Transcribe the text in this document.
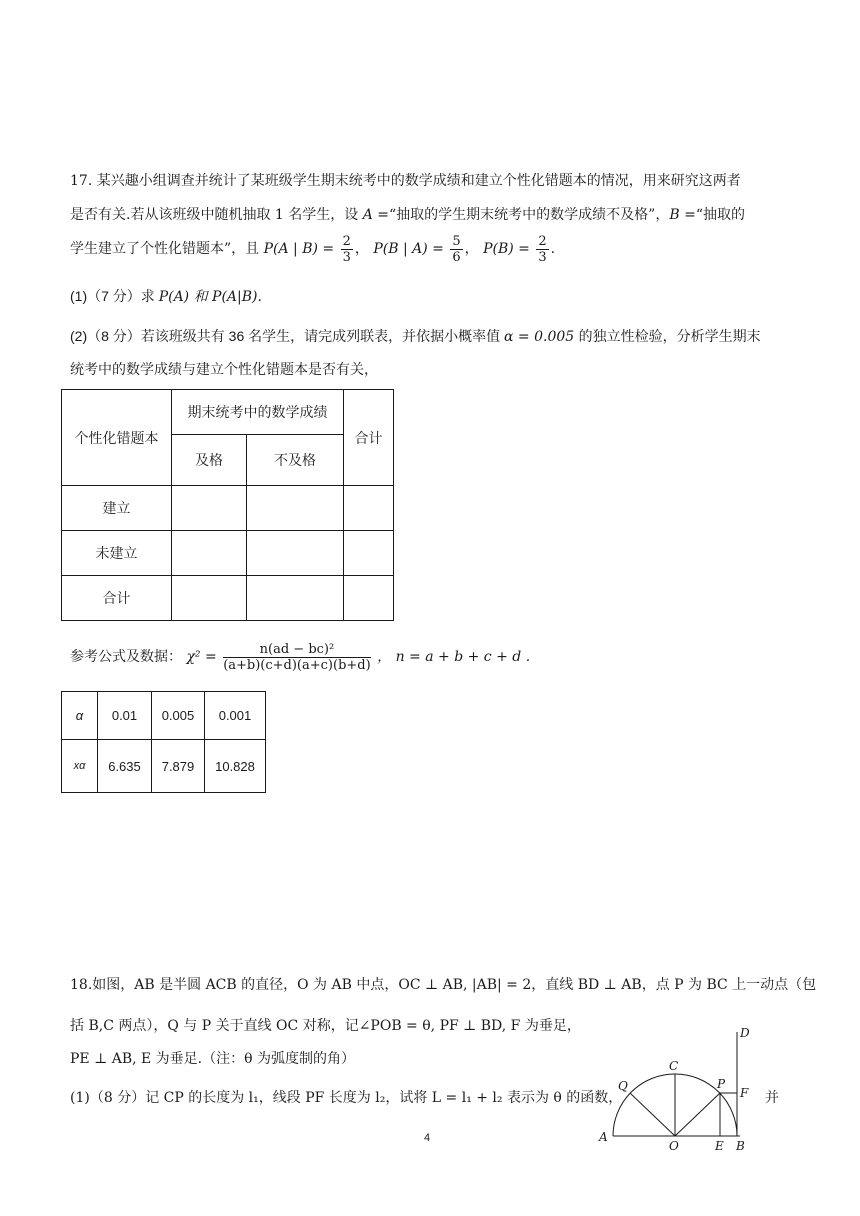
17. 某兴趣小组调查并统计了某班级学生期末统考中的数学成绩和建立个性化错题本的情况，用来研究这两者
是否有关.若从该班级中随机抽取 1 名学生，设 A =“抽取的学生期末统考中的数学成绩不及格”，B =“抽取的
学生建立了个性化错题本”，且 P(A | $B) = \frac{2}{3}$ ， P(B | $A) = \frac{5}{6}$ ， $P(B) = \frac{2}{3}$ .
(1)（7 分）求 P(A) 和 P(A|B).
(2)（8 分）若该班级共有 36 名学生，请完成列联表，并依据小概率值 α = 0.005 的独立性检验，分析学生期末
统考中的数学成绩与建立个性化错题本是否有关，
个性化错题本	期末统考中的数学成绩		合计
	及格	不及格	
建立			
未建立			
合计			
参考公式及数据： $\chi^2 = \frac{\text{n(ad − bc)²}}{(a+b)(c+d)(a+c)(b+d)}$ ， n = a + b + c + d .
α	0.01	0.005	0.001
xα	6.635	7.879	10.828
18.如图，AB 是半圆 ACB 的直径，O 为 AB 中点，OC ⊥ AB, |AB| = 2，直线 BD ⊥ AB，点 P 为 BC 上一动点（包
括 B,C 两点），Q 与 P 关于直线 OC 对称，记∠POB = θ, PF ⊥ BD, F 为垂足，
PE ⊥ AB, E 为垂足.（注：θ 为弧度制的角）
(1)（8 分）记 CP 的长度为 l₁，线段 PF 长度为 l₂，试将 L = l₁ + l₂ 表示为 θ 的函数，	并
A
B
C
D
E
F
O
P
Q
4
